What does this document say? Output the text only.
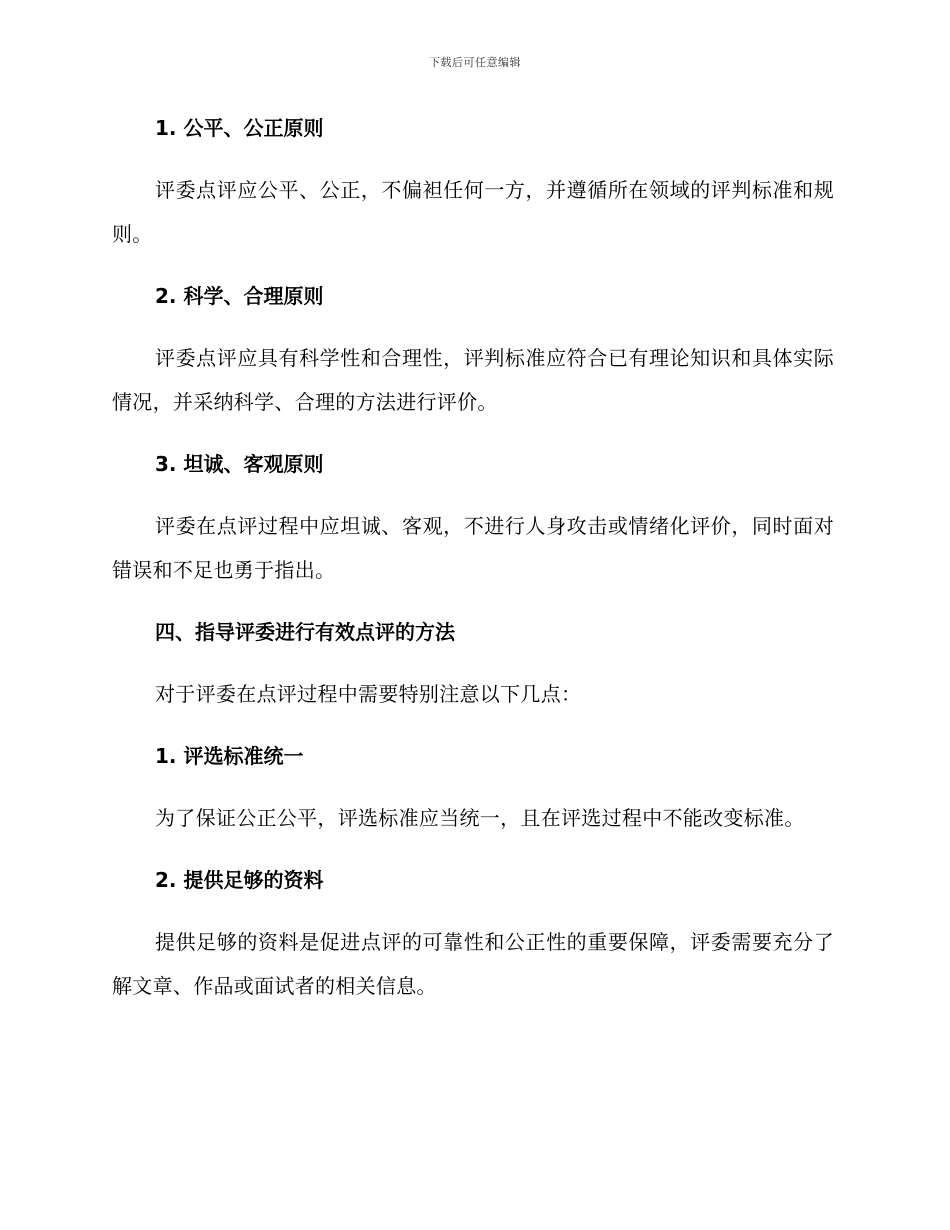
下载后可任意编辑
1. 公平、公正原则
评委点评应公平、公正，不偏袒任何一方，并遵循所在领域的评判标准和规则。
2. 科学、合理原则
评委点评应具有科学性和合理性，评判标准应符合已有理论知识和具体实际情况，并采纳科学、合理的方法进行评价。
3. 坦诚、客观原则
评委在点评过程中应坦诚、客观，不进行人身攻击或情绪化评价，同时面对错误和不足也勇于指出。
四、指导评委进行有效点评的方法
对于评委在点评过程中需要特别注意以下几点：
1. 评选标准统一
为了保证公正公平，评选标准应当统一，且在评选过程中不能改变标准。
2. 提供足够的资料
提供足够的资料是促进点评的可靠性和公正性的重要保障，评委需要充分了解文章、作品或面试者的相关信息。
